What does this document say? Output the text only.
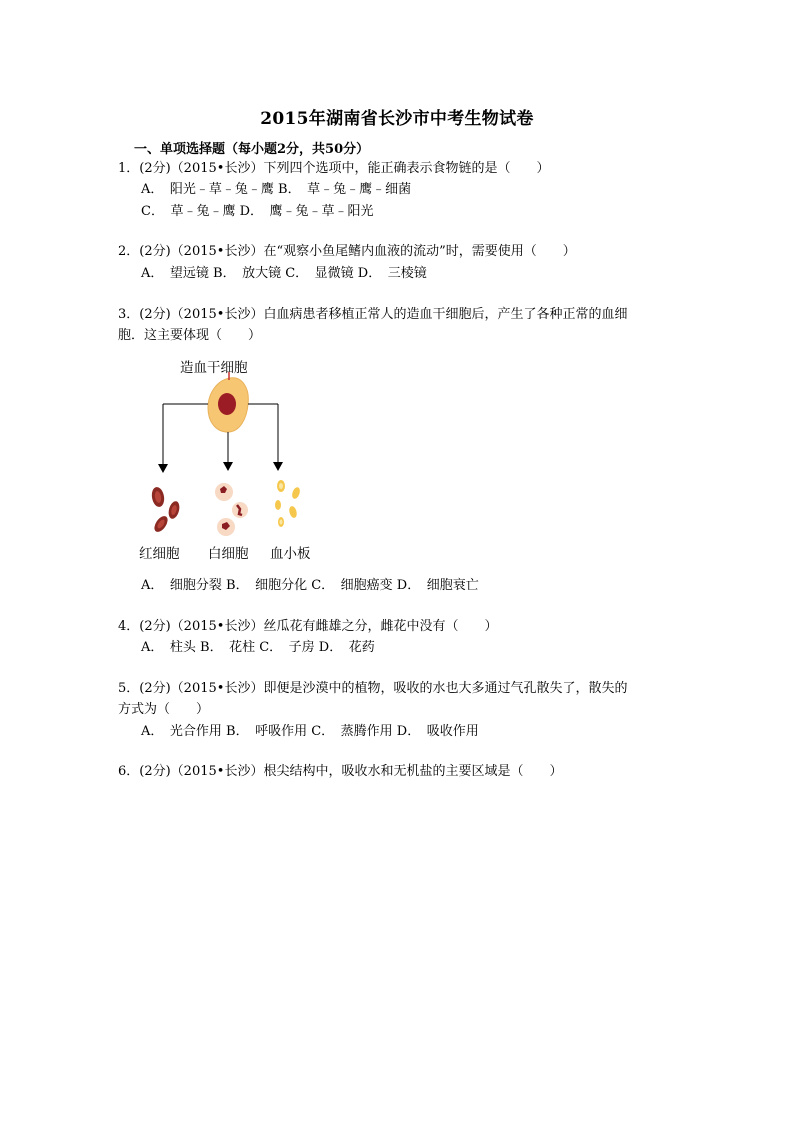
2015年湖南省长沙市中考生物试卷
一、单项选择题（每小题2分，共50分）
1．(2分)（2015•长沙）下列四个选项中，能正确表示食物链的是（　　）
A．　阳光﹣草﹣兔﹣鹰 B．　草﹣兔﹣鹰﹣细菌
C．　草﹣兔﹣鹰 D．　鹰﹣兔﹣草﹣阳光
2．(2分)（2015•长沙）在“观察小鱼尾鳍内血液的流动”时，需要使用（　　）
A．　望远镜 B．　放大镜 C．　显微镜 D．　三棱镜
3．(2分)（2015•长沙）白血病患者移植正常人的造血干细胞后，产生了各种正常的血细
胞．这主要体现（　　）
造血干细胞
红细胞 白细胞 血小板
A．　细胞分裂 B．　细胞分化 C．　细胞癌变 D．　细胞衰亡
4．(2分)（2015•长沙）丝瓜花有雌雄之分，雌花中没有（　　）
A．　柱头 B．　花柱 C．　子房 D．　花药
5．(2分)（2015•长沙）即便是沙漠中的植物，吸收的水也大多通过气孔散失了，散失的
方式为（　　）
A．　光合作用 B．　呼吸作用 C．　蒸腾作用 D．　吸收作用
6．(2分)（2015•长沙）根尖结构中，吸收水和无机盐的主要区域是（　　）
